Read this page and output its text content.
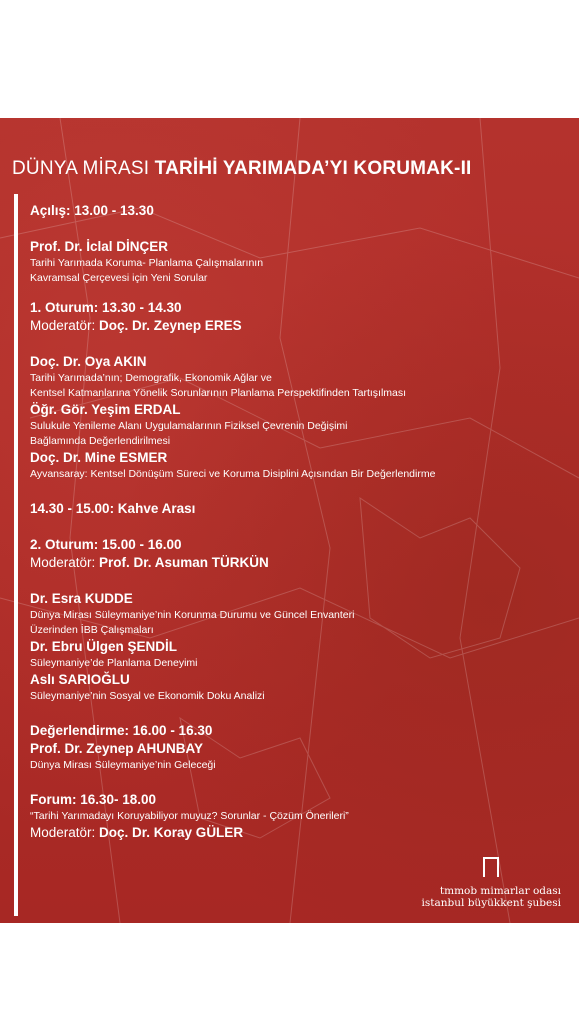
DÜNYA MİRASI TARİHİ YARIMADA’YI KORUMAK-II
Açılış: 13.00 - 13.30
Prof. Dr. İclal DİNÇER
Tarihi Yarımada Koruma- Planlama Çalışmalarının
Kavramsal Çerçevesi için Yeni Sorular
1. Oturum: 13.30 - 14.30
Moderatör: Doç. Dr. Zeynep ERES
Doç. Dr. Oya AKIN
Tarihi Yarımada’nın; Demografik, Ekonomik Ağlar ve
Kentsel Katmanlarına Yönelik Sorunlarının Planlama Perspektifinden Tartışılması
Öğr. Gör. Yeşim ERDAL
Sulukule Yenileme Alanı Uygulamalarının Fiziksel Çevrenin Değişimi
Bağlamında Değerlendirilmesi
Doç. Dr. Mine ESMER
Ayvansaray: Kentsel Dönüşüm Süreci ve Koruma Disiplini Açısından Bir Değerlendirme
14.30 - 15.00: Kahve Arası
2. Oturum: 15.00 - 16.00
Moderatör: Prof. Dr. Asuman TÜRKÜN
Dr. Esra KUDDE
Dünya Mirası Süleymaniye’nin Korunma Durumu ve Güncel Envanteri
Üzerinden İBB Çalışmaları
Dr. Ebru Ülgen ŞENDİL
Süleymaniye’de Planlama Deneyimi
Aslı SARIOĞLU
Süleymaniye’nin Sosyal ve Ekonomik Doku Analizi
Değerlendirme: 16.00 - 16.30
Prof. Dr. Zeynep AHUNBAY
Dünya Mirası Süleymaniye’nin Geleceği
Forum: 16.30- 18.00
“Tarihi Yarımadayı Koruyabiliyor muyuz? Sorunlar - Çözüm Önerileri”
Moderatör: Doç. Dr. Koray GÜLER
tmmob mimarlar odası
istanbul büyükkent şubesi
